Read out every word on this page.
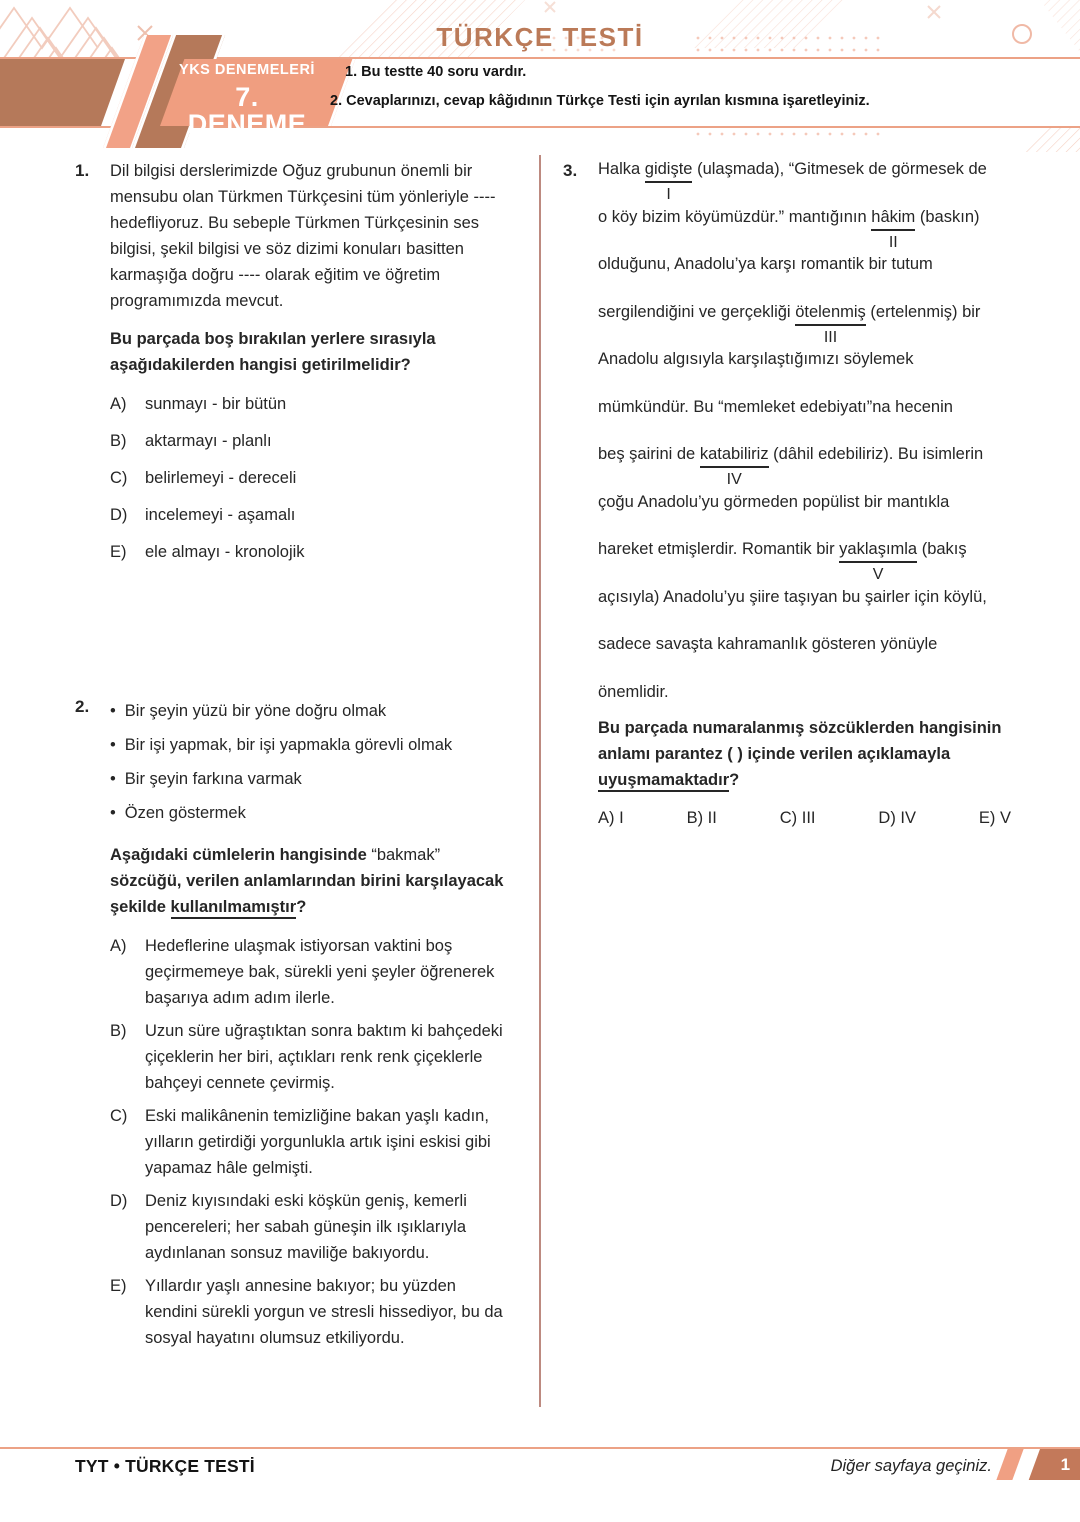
TÜRKÇE TESTİ
YKS DENEMELERİ
7. DENEME
1. Bu testte 40 soru vardır.
2. Cevaplarınızı, cevap kâğıdının Türkçe Testi için ayrılan kısmına işaretleyiniz.
1.	Dil bilgisi derslerimizde Oğuz grubunun önemli bir mensubu olan Türkmen Türkçesini tüm yönleriyle ---- hedefliyoruz. Bu sebeple Türkmen Türkçesinin ses bilgisi, şekil bilgisi ve söz dizimi konuları basitten karmaşığa doğru ---- olarak eğitim ve öğretim programımızda mevcut.

Bu parçada boş bırakılan yerlere sırasıyla aşağıdakilerden hangisi getirilmelidir?

A)	sunmayı - bir bütün
B)	aktarmayı - planlı
C)	belirlemeyi - dereceli
D)	incelemeyi - aşamalı
E)	ele almayı - kronolojik
2.	• Bir şeyin yüzü bir yöne doğru olmak
• Bir işi yapmak, bir işi yapmakla görevli olmak
• Bir şeyin farkına varmak
• Özen göstermek

Aşağıdaki cümlelerin hangisinde “bakmak” sözcüğü, verilen anlamlarından birini karşılayacak şekilde kullanılmamıştır?

A)	Hedeflerine ulaşmak istiyorsan vaktini boş geçirmemeye bak, sürekli yeni şeyler öğrenerek başarıya adım adım ilerle.
B)	Uzun süre uğraştıktan sonra baktım ki bahçedeki çiçeklerin her biri, açtıkları renk renk çiçeklerle bahçeyi cennete çevirmiş.
C)	Eski malikânenin temizliğine bakan yaşlı kadın, yılların getirdiği yorgunlukla artık işini eskisi gibi yapamaz hâle gelmişti.
D)	Deniz kıyısındaki eski köşkün geniş, kemerli pencereleri; her sabah güneşin ilk ışıklarıyla aydınlanan sonsuz maviliğe bakıyordu.
E)	Yıllardır yaşlı annesine bakıyor; bu yüzden kendini sürekli yorgun ve stresli hissediyor, bu da sosyal hayatını olumsuz etkiliyordu.
3.	Halka gidişte
I
(ulaşmada), “Gitmesek de görmesek de
o köy bizim köyümüzdür.” mantığının hâkim
II
(baskın)
olduğunu, Anadolu’ya karşı romantik bir tutum
sergilendiğini ve gerçekliği ötelenmiş
III
(ertelenmiş) bir
Anadolu algısıyla karşılaştığımızı söylemek
mümkündür. Bu “memleket edebiyatı”na hecenin
beş şairini de katabiliriz
IV
(dâhil edebiliriz). Bu isimlerin
çoğu Anadolu’yu görmeden popülist bir mantıkla
hareket etmişlerdir. Romantik bir yaklaşımla
V
(bakış
açısıyla) Anadolu’yu şiire taşıyan bu şairler için köylü,
sadece savaşta kahramanlık gösteren yönüyle
önemlidir.

Bu parçada numaralanmış sözcüklerden hangisinin anlamı parantez ( ) içinde verilen açıklamayla uyuşmamaktadır?

A) I	B) II	C) III	D) IV	E) V
TYT • TÜRKÇE TESTİ	Diğer sayfaya geçiniz.	1
